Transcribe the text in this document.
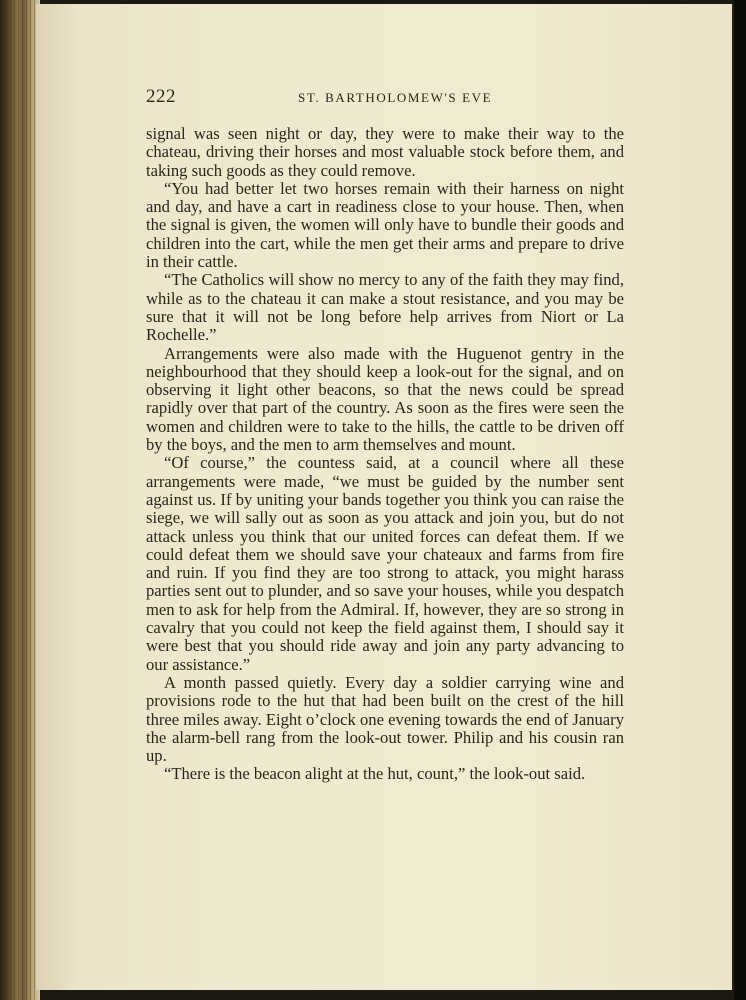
222	ST. BARTHOLOMEW'S EVE

signal was seen night or day, they were to make their way to the chateau, driving their horses and most valuable stock before them, and taking such goods as they could remove.

“You had better let two horses remain with their harness on night and day, and have a cart in readiness close to your house. Then, when the signal is given, the women will only have to bundle their goods and children into the cart, while the men get their arms and prepare to drive in their cattle.

“The Catholics will show no mercy to any of the faith they may find, while as to the chateau it can make a stout resistance, and you may be sure that it will not be long before help arrives from Niort or La Rochelle.”

Arrangements were also made with the Huguenot gentry in the neighbourhood that they should keep a look-out for the signal, and on observing it light other beacons, so that the news could be spread rapidly over that part of the country. As soon as the fires were seen the women and children were to take to the hills, the cattle to be driven off by the boys, and the men to arm themselves and mount.

“Of course,” the countess said, at a council where all these arrangements were made, “we must be guided by the number sent against us. If by uniting your bands together you think you can raise the siege, we will sally out as soon as you attack and join you, but do not attack unless you think that our united forces can defeat them. If we could defeat them we should save your chateaux and farms from fire and ruin. If you find they are too strong to attack, you might harass parties sent out to plunder, and so save your houses, while you despatch men to ask for help from the Admiral. If, however, they are so strong in cavalry that you could not keep the field against them, I should say it were best that you should ride away and join any party advancing to our assistance.”

A month passed quietly. Every day a soldier carrying wine and provisions rode to the hut that had been built on the crest of the hill three miles away. Eight o’clock one evening towards the end of January the alarm-bell rang from the look-out tower. Philip and his cousin ran up.

“There is the beacon alight at the hut, count,” the look-out said.
